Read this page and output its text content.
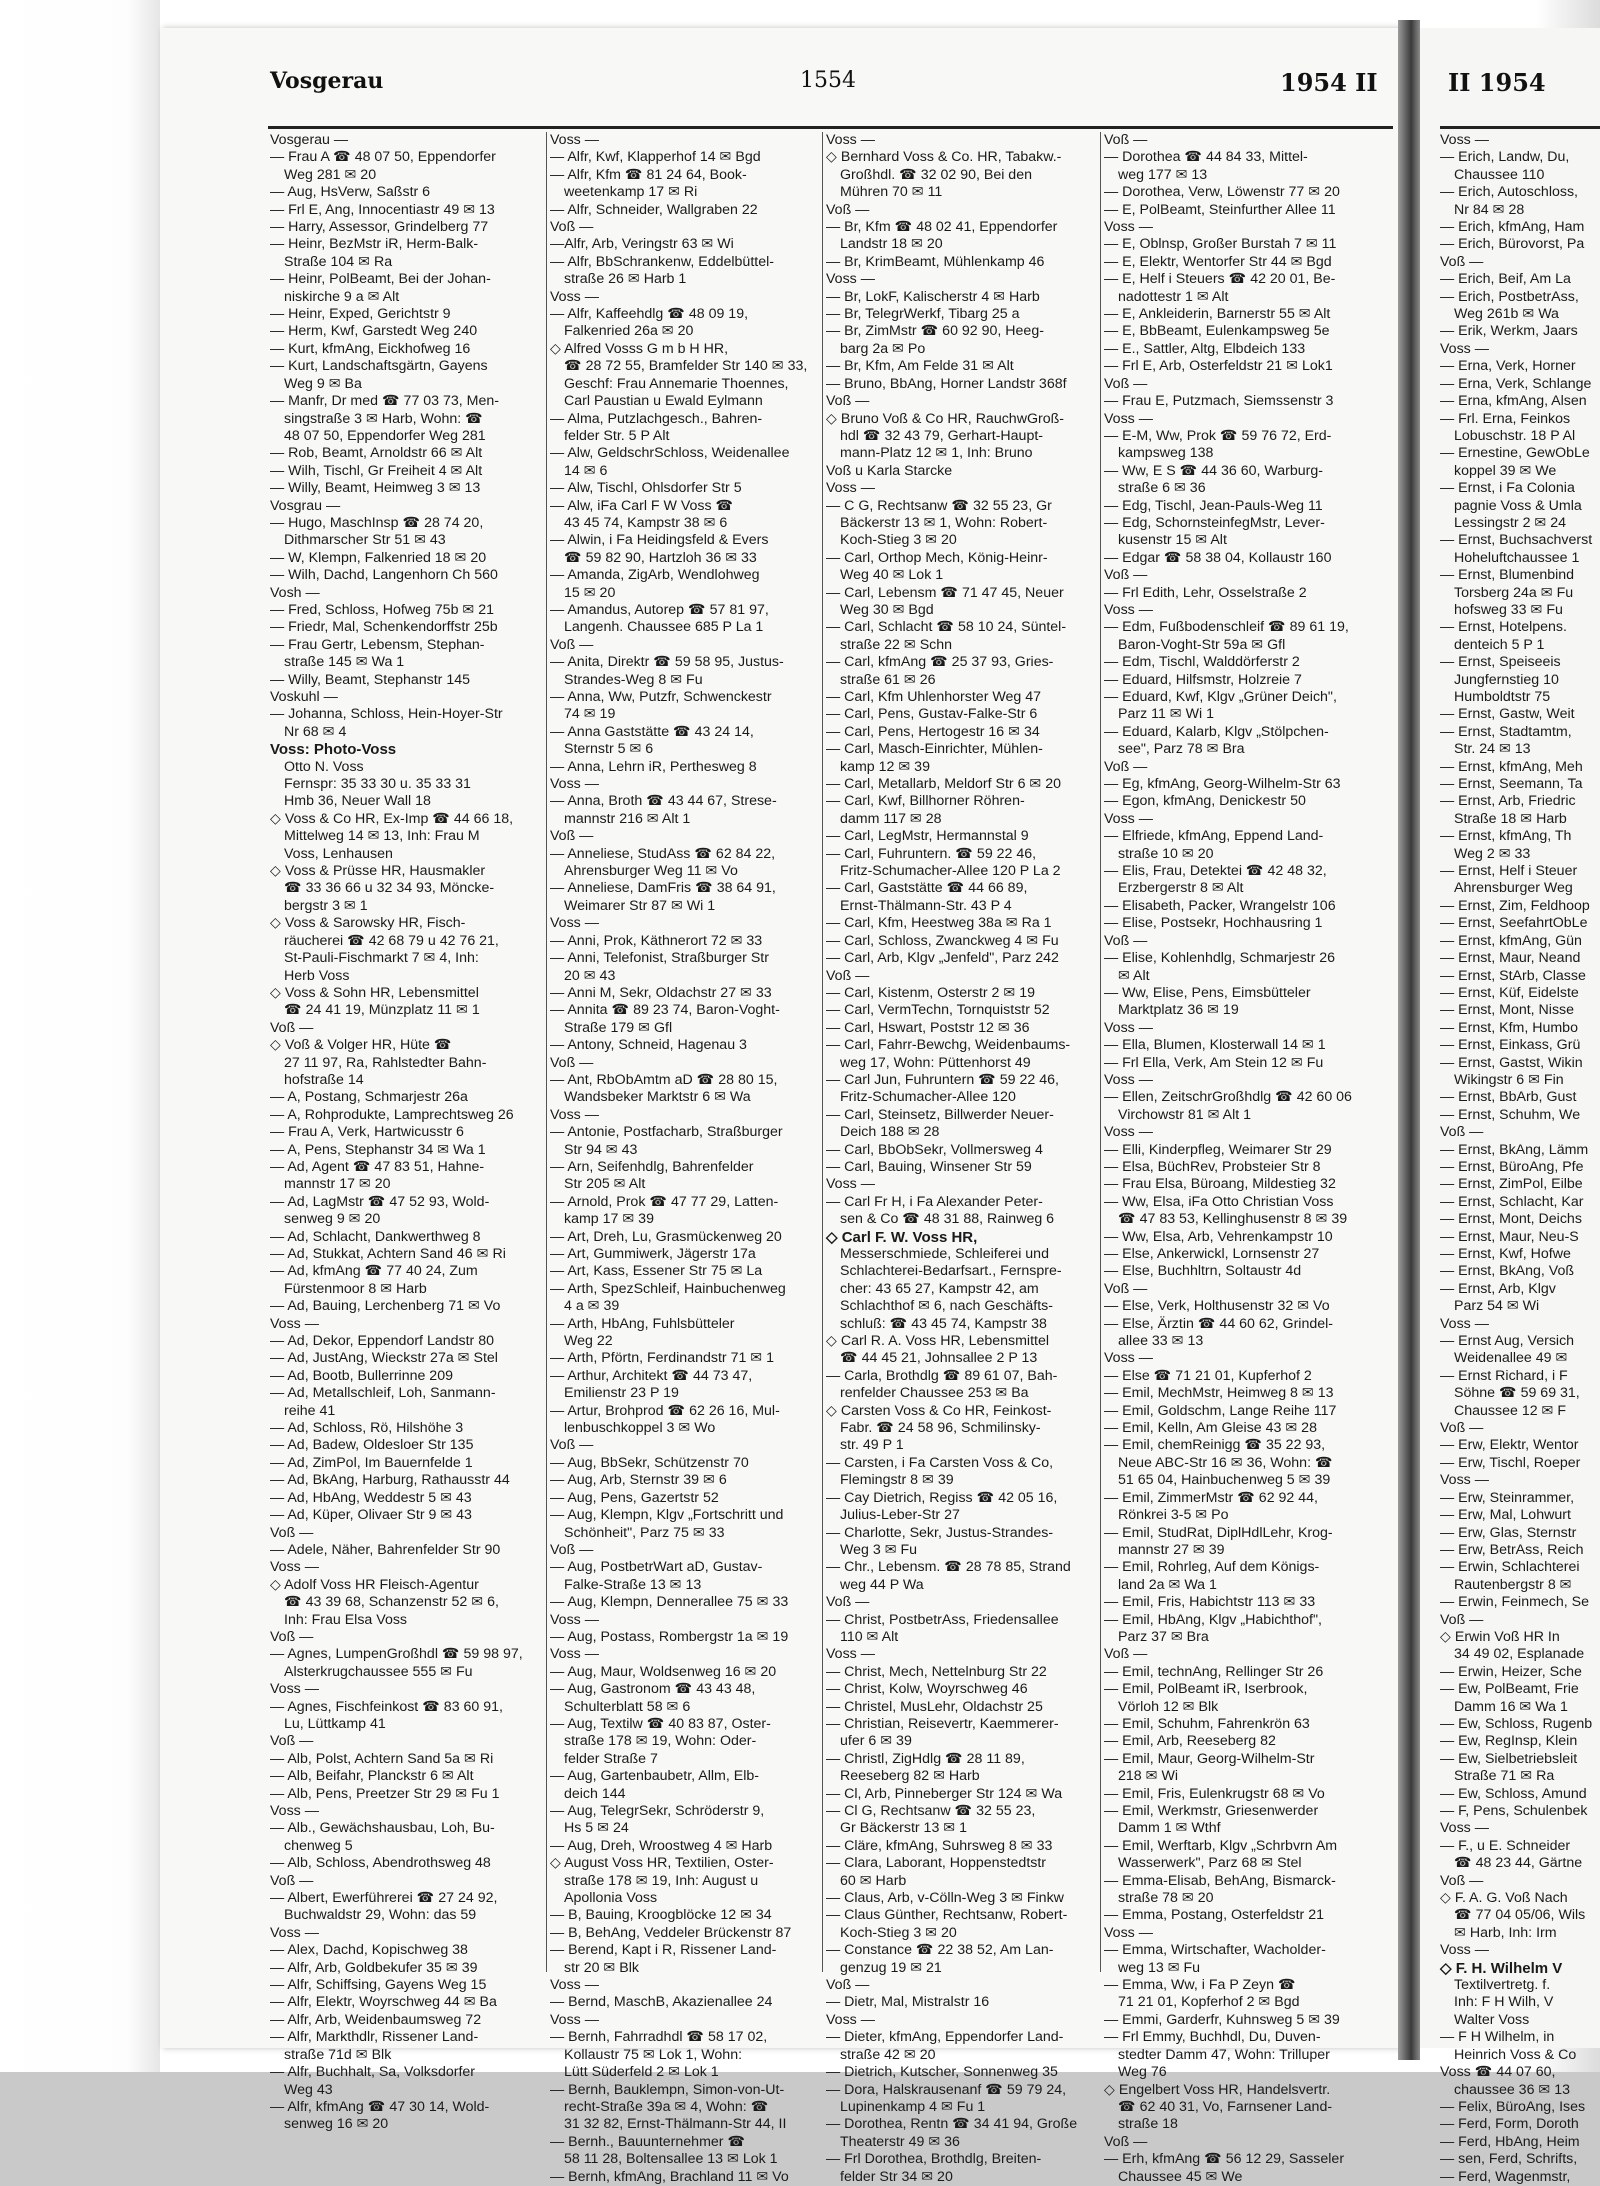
Vosgerau	1554	1954 II	II 1954
Vosgerau —
— Frau A ☎ 48 07 50, Eppendorfer
Weg 281 ✉ 20
— Aug, HsVerw, Saßstr 6
— Frl E, Ang, Innocentiastr 49 ✉ 13
— Harry, Assessor, Grindelberg 77
— Heinr, BezMstr iR, Herm-Balk-
Straße 104 ✉ Ra
— Heinr, PolBeamt, Bei der Johan-
niskirche 9 a ✉ Alt
— Heinr, Exped, Gerichtstr 9
— Herm, Kwf, Garstedt Weg 240
— Kurt, kfmAng, Eickhofweg 16
— Kurt, Landschaftsgärtn, Gayens
Weg 9 ✉ Ba
— Manfr, Dr med ☎ 77 03 73, Men-
singstraße 3 ✉ Harb, Wohn: ☎
48 07 50, Eppendorfer Weg 281
— Rob, Beamt, Arnoldstr 66 ✉ Alt
— Wilh, Tischl, Gr Freiheit 4 ✉ Alt
— Willy, Beamt, Heimweg 3 ✉ 13
Vosgrau —
— Hugo, MaschInsp ☎ 28 74 20,
Dithmarscher Str 51 ✉ 43
— W, Klempn, Falkenried 18 ✉ 20
— Wilh, Dachd, Langenhorn Ch 560
Vosh —
— Fred, Schloss, Hofweg 75b ✉ 21
— Friedr, Mal, Schenkendorffstr 25b
— Frau Gertr, Lebensm, Stephan-
straße 145 ✉ Wa 1
— Willy, Beamt, Stephanstr 145
Voskuhl —
— Johanna, Schloss, Hein-Hoyer-Str
Nr 68 ✉ 4
Voss: Photo-Voss
Otto N. Voss
Fernspr: 35 33 30 u. 35 33 31
Hmb 36, Neuer Wall 18
◇ Voss & Co HR, Ex-Imp ☎ 44 66 18,
Mittelweg 14 ✉ 13, Inh: Frau M
Voss, Lenhausen
◇ Voss & Prüsse HR, Hausmakler
☎ 33 36 66 u 32 34 93, Mönckе-
bergstr 3 ✉ 1
◇ Voss & Sarowsky HR, Fisch-
räucherei ☎ 42 68 79 u 42 76 21,
St-Pauli-Fischmarkt 7 ✉ 4, Inh:
Herb Voss
◇ Voss & Sohn HR, Lebensmittel
☎ 24 41 19, Münzplatz 11 ✉ 1
Voß —
◇ Voß & Volger HR, Hüte ☎
27 11 97, Ra, Rahlstedter Bahn-
hofstraße 14
— A, Postang, Schmarjestr 26a
— A, Rohprodukte, Lamprechtsweg 26
— Frau A, Verk, Hartwicusstr 6
— A, Pens, Stephanstr 34 ✉ Wa 1
— Ad, Agent ☎ 47 83 51, Hahne-
mannstr 17 ✉ 20
— Ad, LagMstr ☎ 47 52 93, Wold-
senweg 9 ✉ 20
— Ad, Schlacht, Dankwerthweg 8
— Ad, Stukkat, Achtern Sand 46 ✉ Ri
— Ad, kfmAng ☎ 77 40 24, Zum
Fürstenmoor 8 ✉ Harb
— Ad, Bauing, Lerchenberg 71 ✉ Vo
Voss —
— Ad, Dekor, Eppendorf Landstr 80
— Ad, JustAng, Wieckstr 27a ✉ Stel
— Ad, Bootb, Bullerrinne 209
— Ad, Metallschleif, Loh, Sanmann-
reihe 41
— Ad, Schloss, Rö, Hilshöhe 3
— Ad, Badew, Oldesloer Str 135
— Ad, ZimPol, Im Bauernfelde 1
— Ad, BkAng, Harburg, Rathausstr 44
— Ad, HbAng, Weddestr 5 ✉ 43
— Ad, Küper, Olivaer Str 9 ✉ 43
Voß —
— Adele, Näher, Bahrenfelder Str 90
Voss —
◇ Adolf Voss HR Fleisch-Agentur
☎ 43 39 68, Schanzenstr 52 ✉ 6,
Inh: Frau Elsa Voss
Voß —
— Agnes, LumpenGroßhdl ☎ 59 98 97,
Alsterkrugchaussee 555 ✉ Fu
Voss —
— Agnes, Fischfeinkost ☎ 83 60 91,
Lu, Lüttkamp 41
Voß —
— Alb, Polst, Achtern Sand 5a ✉ Ri
— Alb, Beifahr, Planckstr 6 ✉ Alt
— Alb, Pens, Preetzer Str 29 ✉ Fu 1
Voss —
— Alb., Gewächshausbau, Loh, Bu-
chenweg 5
— Alb, Schloss, Abendrothsweg 48
Voß —
— Albert, Ewerführerei ☎ 27 24 92,
Buchwaldstr 29, Wohn: das 59
Voss —
— Alex, Dachd, Kopischweg 38
— Alfr, Arb, Goldbekufer 35 ✉ 39
— Alfr, Schiffsing, Gayens Weg 15
— Alfr, Elektr, Woyrschweg 44 ✉ Ba
— Alfr, Arb, Weidenbaumsweg 72
— Alfr, Markthdlr, Rissener Land-
straße 71d ✉ Blk
— Alfr, Buchhalt, Sa, Volksdorfer
Weg 43
— Alfr, kfmAng ☎ 47 30 14, Wold-
senweg 16 ✉ 20
Voss —
— Alfr, Kwf, Klapperhof 14 ✉ Bgd
— Alfr, Kfm ☎ 81 24 64, Book-
weetenkamp 17 ✉ Ri
— Alfr, Schneider, Wallgraben 22
Voß —
—Alfr, Arb, Veringstr 63 ✉ Wi
— Alfr, BbSchrankenw, Eddelbüttel-
straße 26 ✉ Harb 1
Voss —
— Alfr, Kaffeehdlg ☎ 48 09 19,
Falkenried 26a ✉ 20
◇ Alfred Vosss G m b H HR,
☎ 28 72 55, Bramfelder Str 140 ✉ 33,
Geschf: Frau Annemarie Thoennes,
Carl Paustian u Ewald Eylmann
— Alma, Putzlachgesch., Bahren-
felder Str. 5 P Alt
— Alw, GeldschrSchloss, Weidenallee
14 ✉ 6
— Alw, Tischl, Ohlsdorfer Str 5
— Alw, iFa Carl F W Voss ☎
43 45 74, Kampstr 38 ✉ 6
— Alwin, i Fa Heidingsfeld & Evers
☎ 59 82 90, Hartzloh 36 ✉ 33
— Amanda, ZigArb, Wendlohweg
15 ✉ 20
— Amandus, Autorep ☎ 57 81 97,
Langenh. Chaussee 685 P La 1
Voß —
— Anita, Direktr ☎ 59 58 95, Justus-
Strandes-Weg 8 ✉ Fu
— Anna, Ww, Putzfr, Schwenckestr
74 ✉ 19
— Anna Gaststätte ☎ 43 24 14,
Sternstr 5 ✉ 6
— Anna, Lehrn iR, Perthesweg 8
Voss —
— Anna, Broth ☎ 43 44 67, Strese-
mannstr 216 ✉ Alt 1
Voß —
— Anneliese, StudAss ☎ 62 84 22,
Ahrensburger Weg 11 ✉ Vo
— Anneliese, DamFris ☎ 38 64 91,
Weimarer Str 87 ✉ Wi 1
Voss —
— Anni, Prok, Käthnerort 72 ✉ 33
— Anni, Telefonist, Straßburger Str
20 ✉ 43
— Anni M, Sekr, Oldachstr 27 ✉ 33
— Annita ☎ 89 23 74, Baron-Voght-
Straße 179 ✉ Gfl
— Antony, Schneid, Hagenau 3
Voß —
— Ant, RbObAmtm aD ☎ 28 80 15,
Wandsbeker Marktstr 6 ✉ Wa
Voss —
— Antonie, Postfacharb, Straßburger
Str 94 ✉ 43
— Arn, Seifenhdlg, Bahrenfelder
Str 205 ✉ Alt
— Arnold, Prok ☎ 47 77 29, Latten-
kamp 17 ✉ 39
— Art, Dreh, Lu, Grasmückenweg 20
— Art, Gummiwerk, Jägerstr 17a
— Art, Kass, Essener Str 75 ✉ La
— Arth, SpezSchleif, Hainbuchenweg
4 a ✉ 39
— Arth, HbAng, Fuhlsbütteler
Weg 22
— Arth, Pförtn, Ferdinandstr 71 ✉ 1
— Arthur, Architekt ☎ 44 73 47,
Emilienstr 23 P 19
— Artur, Brohprod ☎ 62 26 16, Mul-
lenbuschkoppel 3 ✉ Wo
Voß —
— Aug, BbSekr, Schützenstr 70
— Aug, Arb, Sternstr 39 ✉ 6
— Aug, Pens, Gazertstr 52
— Aug, Klempn, Klgv „Fortschritt und
Schönheit", Parz 75 ✉ 33
Voß —
— Aug, PostbetrWart aD, Gustav-
Falke-Straße 13 ✉ 13
— Aug, Klempn, Dennerallee 75 ✉ 33
Voss —
— Aug, Postass, Rombergstr 1a ✉ 19
Voss —
— Aug, Maur, Woldsenweg 16 ✉ 20
— Aug, Gastronom ☎ 43 43 48,
Schulterblatt 58 ✉ 6
— Aug, Textilw ☎ 40 83 87, Oster-
straße 178 ✉ 19, Wohn: Oder-
felder Straße 7
— Aug, Gartenbaubetr, Allm, Elb-
deich 144
— Aug, TelegrSekr, Schröderstr 9,
Hs 5 ✉ 24
— Aug, Dreh, Wroostweg 4 ✉ Harb
◇ August Voss HR, Textilien, Oster-
straße 178 ✉ 19, Inh: August u
Apollonia Voss
— B, Bauing, Kroogblöcke 12 ✉ 34
— B, BehAng, Veddeler Brückenstr 87
— Berend, Kapt i R, Rissener Land-
str 20 ✉ Blk
Voss —
— Bernd, MaschB, Akazienallee 24
Voss —
— Bernh, Fahrradhdl ☎ 58 17 02,
Kollaustr 75 ✉ Lok 1, Wohn:
Lütt Süderfeld 2 ✉ Lok 1
— Bernh, Bauklempn, Simon-von-Ut-
recht-Straße 39a ✉ 4, Wohn: ☎
31 32 82, Ernst-Thälmann-Str 44, II
— Bernh., Bauunternehmer ☎
58 11 28, Boltensallee 13 ✉ Lok 1
— Bernh, kfmAng, Brachland 11 ✉ Vo
Voss —
◇ Bernhard Voss & Co. HR, Tabakw.-
Großhdl. ☎ 32 02 90, Bei den
Mühren 70 ✉ 11
Voß —
— Br, Kfm ☎ 48 02 41, Eppendorfer
Landstr 18 ✉ 20
— Br, KrimBeamt, Mühlenkamp 46
Voss —
— Br, LokF, Kalischerstr 4 ✉ Harb
— Br, TelegrWerkf, Tibarg 25 a
— Br, ZimMstr ☎ 60 92 90, Heeg-
barg 2a ✉ Po
— Br, Kfm, Am Felde 31 ✉ Alt
— Bruno, BbAng, Horner Landstr 368f
Voß —
◇ Bruno Voß & Co HR, RauchwGroß-
hdl ☎ 32 43 79, Gerhart-Haupt-
mann-Platz 12 ✉ 1, Inh: Bruno
Voß u Karla Starcke
Voss —
— C G, Rechtsanw ☎ 32 55 23, Gr
Bäckerstr 13 ✉ 1, Wohn: Robert-
Koch-Stieg 3 ✉ 20
— Carl, Orthop Mech, König-Heinr-
Weg 40 ✉ Lok 1
— Carl, Lebensm ☎ 71 47 45, Neuer
Weg 30 ✉ Bgd
— Carl, Schlacht ☎ 58 10 24, Süntel-
straße 22 ✉ Schn
— Carl, kfmAng ☎ 25 37 93, Gries-
straße 61 ✉ 26
— Carl, Kfm Uhlenhorster Weg 47
— Carl, Pens, Gustav-Falke-Str 6
— Carl, Pens, Hertogestr 16 ✉ 34
— Carl, Masch-Einrichter, Mühlen-
kamp 12 ✉ 39
— Carl, Metallarb, Meldorf Str 6 ✉ 20
— Carl, Kwf, Billhorner Röhren-
damm 117 ✉ 28
— Carl, LegMstr, Hermannstal 9
— Carl, Fuhruntern. ☎ 59 22 46,
Fritz-Schumacher-Allee 120 P La 2
— Carl, Gaststätte ☎ 44 66 89,
Ernst-Thälmann-Str. 43 P 4
— Carl, Kfm, Heestweg 38a ✉ Ra 1
— Carl, Schloss, Zwanckweg 4 ✉ Fu
— Carl, Arb, Klgv „Jenfeld", Parz 242
Voß —
— Carl, Kistenm, Osterstr 2 ✉ 19
— Carl, VermTechn, Tornquiststr 52
— Carl, Hswart, Poststr 12 ✉ 36
— Carl, Fahrr-Bewchg, Weidenbaums-
weg 17, Wohn: Püttenhorst 49
— Carl Jun, Fuhruntern ☎ 59 22 46,
Fritz-Schumacher-Allee 120
— Carl, Steinsetz, Billwerder Neuer-
Deich 188 ✉ 28
— Carl, BbObSekr, Vollmersweg 4
— Carl, Bauing, Winsener Str 59
Voss —
— Carl Fr H, i Fa Alexander Peter-
sen & Co ☎ 48 31 88, Rainweg 6
◇ Carl F. W. Voss HR,
Messerschmiede, Schleiferei und
Schlachterei-Bedarfsart., Fernspre-
cher: 43 65 27, Kampstr 42, am
Schlachthof ✉ 6, nach Geschäfts-
schluß: ☎ 43 45 74, Kampstr 38
◇ Carl R. A. Voss HR, Lebensmittel
☎ 44 45 21, Johnsallee 2 P 13
— Carla, Brothdlg ☎ 89 61 07, Bah-
renfelder Chaussee 253 ✉ Ba
◇ Carsten Voss & Co HR, Feinkost-
Fabr. ☎ 24 58 96, Schmilinsky-
str. 49 P 1
— Carsten, i Fa Carsten Voss & Co,
Flemingstr 8 ✉ 39
— Cay Dietrich, Regiss ☎ 42 05 16,
Julius-Leber-Str 27
— Charlotte, Sekr, Justus-Strandes-
Weg 3 ✉ Fu
— Chr., Lebensm. ☎ 28 78 85, Strand
weg 44 P Wa
Voß —
— Christ, PostbetrAss, Friedensallee
110 ✉ Alt
Voss —
— Christ, Mech, Nettelnburg Str 22
— Christ, Kolw, Woyrschweg 46
— Christel, MusLehr, Oldachstr 25
— Christian, Reisevertr, Kaemmerer-
ufer 6 ✉ 39
— Christl, ZigHdlg ☎ 28 11 89,
Reeseberg 82 ✉ Harb
— Cl, Arb, Pinneberger Str 124 ✉ Wa
— Cl G, Rechtsanw ☎ 32 55 23,
Gr Bäckerstr 13 ✉ 1
— Cläre, kfmAng, Suhrsweg 8 ✉ 33
— Clara, Laborant, Hoppenstedtstr
60 ✉ Harb
— Claus, Arb, v-Cölln-Weg 3 ✉ Finkw
— Claus Günther, Rechtsanw, Robert-
Koch-Stieg 3 ✉ 20
— Constance ☎ 22 38 52, Am Lan-
genzug 19 ✉ 21
Voß —
— Dietr, Mal, Mistralstr 16
Voss —
— Dieter, kfmAng, Eppendorfer Land-
straße 42 ✉ 20
— Dietrich, Kutscher, Sonnenweg 35
— Dora, Halskrausenanf ☎ 59 79 24,
Lupinenkamp 4 ✉ Fu 1
— Dorothea, Rentn ☎ 34 41 94, Große
Theaterstr 49 ✉ 36
— Frl Dorothea, Brothdlg, Breiten-
felder Str 34 ✉ 20
Voß —
— Dorothea ☎ 44 84 33, Mittel-
weg 177 ✉ 13
— Dorothea, Verw, Löwenstr 77 ✉ 20
— E, PolBeamt, Steinfurther Allee 11
Voss —
— E, Oblnsp, Großer Burstah 7 ✉ 11
— E, Elektr, Wentorfer Str 44 ✉ Bgd
— E, Helf i Steuers ☎ 42 20 01, Be-
nadottestr 1 ✉ Alt
— E, Ankleiderin, Barnerstr 55 ✉ Alt
— E, BbBeamt, Eulenkampsweg 5e
— E., Sattler, Altg, Elbdeich 133
— Frl E, Arb, Osterfeldstr 21 ✉ Lok1
Voß —
— Frau E, Putzmach, Siemssenstr 3
Voss —
— E-M, Ww, Prok ☎ 59 76 72, Erd-
kampsweg 138
— Ww, E S ☎ 44 36 60, Warburg-
straße 6 ✉ 36
— Edg, Tischl, Jean-Pauls-Weg 11
— Edg, SchornsteinfegMstr, Lever-
kusenstr 15 ✉ Alt
— Edgar ☎ 58 38 04, Kollaustr 160
Voß —
— Frl Edith, Lehr, Osselstraße 2
Voss —
— Edm, Fußbodenschleif ☎ 89 61 19,
Baron-Voght-Str 59a ✉ Gfl
— Edm, Tischl, Walddörferstr 2
— Eduard, Hilfsmstr, Holzreie 7
— Eduard, Kwf, Klgv „Grüner Deich",
Parz 11 ✉ Wi 1
— Eduard, Kalarb, Klgv „Stölpchen-
see", Parz 78 ✉ Bra
Voß —
— Eg, kfmAng, Georg-Wilhelm-Str 63
— Egon, kfmAng, Denickestr 50
Voss —
— Elfriede, kfmAng, Eppend Land-
straße 10 ✉ 20
— Elis, Frau, Detektei ☎ 42 48 32,
Erzbergerstr 8 ✉ Alt
— Elisabeth, Packer, Wrangelstr 106
— Elise, Postsekr, Hochhausring 1
Voß —
— Elise, Kohlenhdlg, Schmarjestr 26
✉ Alt
— Ww, Elise, Pens, Eimsbütteler
Marktplatz 36 ✉ 19
Voss —
— Ella, Blumen, Klosterwall 14 ✉ 1
— Frl Ella, Verk, Am Stein 12 ✉ Fu
Voss —
— Ellen, ZeitschrGroßhdlg ☎ 42 60 06
Virchowstr 81 ✉ Alt 1
Voss —
— Elli, Kinderpfleg, Weimarer Str 29
— Elsa, BüchRev, Probsteier Str 8
— Frau Elsa, Büroang, Mildestieg 32
— Ww, Elsa, iFa Otto Christian Voss
☎ 47 83 53, Kellinghusenstr 8 ✉ 39
— Ww, Elsa, Arb, Vehrenkampstr 10
— Else, Ankerwickl, Lornsenstr 27
— Else, Buchhltrn, Soltaustr 4d
Voß —
— Else, Verk, Holthusenstr 32 ✉ Vo
— Else, Ärztin ☎ 44 60 62, Grindel-
allee 33 ✉ 13
Voss —
— Else ☎ 71 21 01, Kupferhof 2
— Emil, MechMstr, Heimweg 8 ✉ 13
— Emil, Goldschm, Lange Reihe 117
— Emil, Kelln, Am Gleise 43 ✉ 28
— Emil, chemReinigg ☎ 35 22 93,
Neue ABC-Str 16 ✉ 36, Wohn: ☎
51 65 04, Hainbuchenweg 5 ✉ 39
— Emil, ZimmerMstr ☎ 62 92 44,
Rönkrei 3-5 ✉ Po
— Emil, StudRat, DiplHdlLehr, Krog-
mannstr 27 ✉ 39
— Emil, Rohrleg, Auf dem Königs-
land 2a ✉ Wa 1
— Emil, Fris, Habichtstr 113 ✉ 33
— Emil, HbAng, Klgv „Habichthof",
Parz 37 ✉ Bra
Voß —
— Emil, technAng, Rellinger Str 26
— Emil, PolBeamt iR, Iserbrook,
Vörloh 12 ✉ Blk
— Emil, Schuhm, Fahrenkrön 63
— Emil, Arb, Reeseberg 82
— Emil, Maur, Georg-Wilhelm-Str
218 ✉ Wi
— Emil, Fris, Eulenkrugstr 68 ✉ Vo
— Emil, Werkmstr, Griesenwerder
Damm 1 ✉ Wthf
— Emil, Werftarb, Klgv „Schrbvrn Am
Wasserwerk", Parz 68 ✉ Stel
— Emma-Elisab, BehAng, Bismarck-
straße 78 ✉ 20
— Emma, Postang, Osterfeldstr 21
Voss —
— Emma, Wirtschafter, Wacholder-
weg 13 ✉ Fu
— Emma, Ww, i Fa P Zeyn ☎
71 21 01, Kopferhof 2 ✉ Bgd
— Emmi, Garderfr, Kuhnsweg 5 ✉ 39
— Frl Emmy, Buchhdl, Du, Duven-
stedter Damm 47, Wohn: Trilluper
Weg 76
◇ Engelbert Voss HR, Handelsvertr.
☎ 62 40 31, Vo, Farnsener Land-
straße 18
Voß —
— Erh, kfmAng ☎ 56 12 29, Sasseler
Chaussee 45 ✉ We
Voss —
— Erich, Landw, Du,
Chaussee 110
— Erich, Autoschloss,
Nr 84 ✉ 28
— Erich, kfmAng, Ham
— Erich, Bürovorst, Pa
Voß —
— Erich, Beif, Am La
— Erich, PostbetrAss,
Weg 261b ✉ Wa
— Erik, Werkm, Jaars
Voss —
— Erna, Verk, Horner
— Erna, Verk, Schlange
— Erna, kfmAng, Alsen
— Frl. Erna, Feinkos
Lobuschstr. 18 P Al
— Ernestine, GewObLe
koppel 39 ✉ We
— Ernst, i Fa Colonia
pagnie Voss & Umla
Lessingstr 2 ✉ 24
— Ernst, Buchsachverst
Hoheluftchaussee 1
— Ernst, Blumenbind
Torsberg 24a ✉ Fu
hofsweg 33 ✉ Fu
— Ernst, Hotelpens.
denteich 5 P 1
— Ernst, Speiseeis
Jungfernstieg 10
Humboldtstr 75
— Ernst, Gastw, Weit
— Ernst, Stadtamtm,
Str. 24 ✉ 13
— Ernst, kfmAng, Meh
— Ernst, Seemann, Ta
— Ernst, Arb, Friedric
Straße 18 ✉ Harb
— Ernst, kfmAng, Th
Weg 2 ✉ 33
— Ernst, Helf i Steuer
Ahrensburger Weg
— Ernst, Zim, Feldhoop
— Ernst, SeefahrtObLe
— Ernst, kfmAng, Gün
— Ernst, Maur, Neand
— Ernst, StArb, Classe
— Ernst, Küf, Eidelste
— Ernst, Mont, Nisse
— Ernst, Kfm, Humbo
— Ernst, Einkass, Grü
— Ernst, Gastst, Wikin
Wikingstr 6 ✉ Fin
— Ernst, BbArb, Gust
— Ernst, Schuhm, We
Voß —
— Ernst, BkAng, Lämm
— Ernst, BüroAng, Pfe
— Ernst, ZimPol, Eilbe
— Ernst, Schlacht, Kar
— Ernst, Mont, Deichs
— Ernst, Maur, Neu-S
— Ernst, Kwf, Hofwe
— Ernst, BkAng, Voß
— Ernst, Arb, Klgv
Parz 54 ✉ Wi
Voss —
— Ernst Aug, Versich
Weidenallee 49 ✉
— Ernst Richard, i F
Söhne ☎ 59 69 31,
Chaussee 12 ✉ F
Voß —
— Erw, Elektr, Wentor
— Erw, Tischl, Roeper
Voss —
— Erw, Steinrammer,
— Erw, Mal, Lohwurt
— Erw, Glas, Sternstr
— Erw, BetrAss, Reich
— Erwin, Schlachterei
Rautenbergstr 8 ✉
— Erwin, Feinmech, Se
Voß —
◇ Erwin Voß HR In
34 49 02, Esplanade
— Erwin, Heizer, Sche
— Ew, PolBeamt, Frie
Damm 16 ✉ Wa 1
— Ew, Schloss, Rugenb
— Ew, RegInsp, Klein
— Ew, Sielbetriebsleit
Straße 71 ✉ Ra
— Ew, Schloss, Amund
— F, Pens, Schulenbek
Voss —
— F., u E. Schneider
☎ 48 23 44, Gärtne
Voß —
◇ F. A. G. Voß Nach
☎ 77 04 05/06, Wils
✉ Harb, Inh: Irm
Voss —
◇ F. H. Wilhelm V
Textilvertretg. f.
Inh: F H Wilh, V
Walter Voss
— F H Wilhelm, in
Heinrich Voss & Co
Voss ☎ 44 07 60,
chaussee 36 ✉ 13
— Felix, BüroAng, Ises
— Ferd, Form, Doroth
— Ferd, HbAng, Heim
— sen, Ferd, Schrifts,
— Ferd, Wagenmstr,
